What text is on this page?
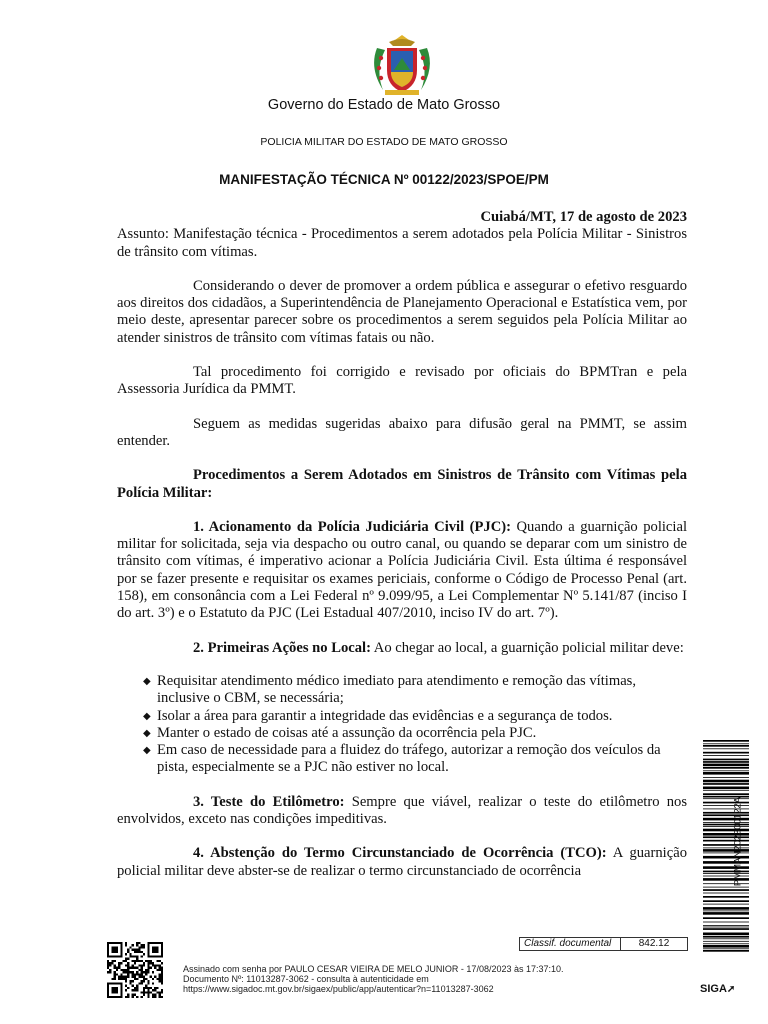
Governo do Estado de Mato Grosso
POLICIA MILITAR DO ESTADO DE MATO GROSSO
MANIFESTAÇÃO TÉCNICA Nº 00122/2023/SPOE/PM
Cuiabá/MT, 17 de agosto de 2023
Assunto: Manifestação técnica - Procedimentos a serem adotados pela Polícia Militar - Sinistros de trânsito com vítimas.
Considerando o dever de promover a ordem pública e assegurar o efetivo resguardo aos direitos dos cidadãos, a Superintendência de Planejamento Operacional e Estatística vem, por meio deste, apresentar parecer sobre os procedimentos a serem seguidos pela Polícia Militar ao atender sinistros de trânsito com vítimas fatais ou não.
Tal procedimento foi corrigido e revisado por oficiais do BPMTran e pela Assessoria Jurídica da PMMT.
Seguem as medidas sugeridas abaixo para difusão geral na PMMT, se assim entender.
Procedimentos a Serem Adotados em Sinistros de Trânsito com Vítimas pela Polícia Militar:
1. Acionamento da Polícia Judiciária Civil (PJC): Quando a guarnição policial militar for solicitada, seja via despacho ou outro canal, ou quando se deparar com um sinistro de trânsito com vítimas, é imperativo acionar a Polícia Judiciária Civil. Esta última é responsável por se fazer presente e requisitar os exames periciais, conforme o Código de Processo Penal (art. 158), em consonância com a Lei Federal nº 9.099/95, a Lei Complementar Nº 5.141/87 (inciso I do art. 3º) e o Estatuto da PJC (Lei Estadual 407/2010, inciso IV do art. 7º).
2. Primeiras Ações no Local: Ao chegar ao local, a guarnição policial militar deve:
◆ Requisitar atendimento médico imediato para atendimento e remoção das vítimas, inclusive o CBM, se necessária;
◆ Isolar a área para garantir a integridade das evidências e a segurança de todos.
◆ Manter o estado de coisas até a assunção da ocorrência pela PJC.
◆ Em caso de necessidade para a fluidez do tráfego, autorizar a remoção dos veículos da pista, especialmente se a PJC não estiver no local.
3. Teste do Etilômetro: Sempre que viável, realizar o teste do etilômetro nos envolvidos, exceto nas condições impeditivas.
4. Abstenção do Termo Circunstanciado de Ocorrência (TCO): A guarnição policial militar deve abster-se de realizar o termo circunstanciado de ocorrência	PMMAN202300122A
Classif. documental	842.12
Assinado com senha por PAULO CESAR VIEIRA DE MELO JUNIOR - 17/08/2023 às 17:37:10.
Documento Nº: 11013287-3062 - consulta à autenticidade em
https://www.sigadoc.mt.gov.br/sigaex/public/app/autenticar?n=11013287-3062	SIGA➚
